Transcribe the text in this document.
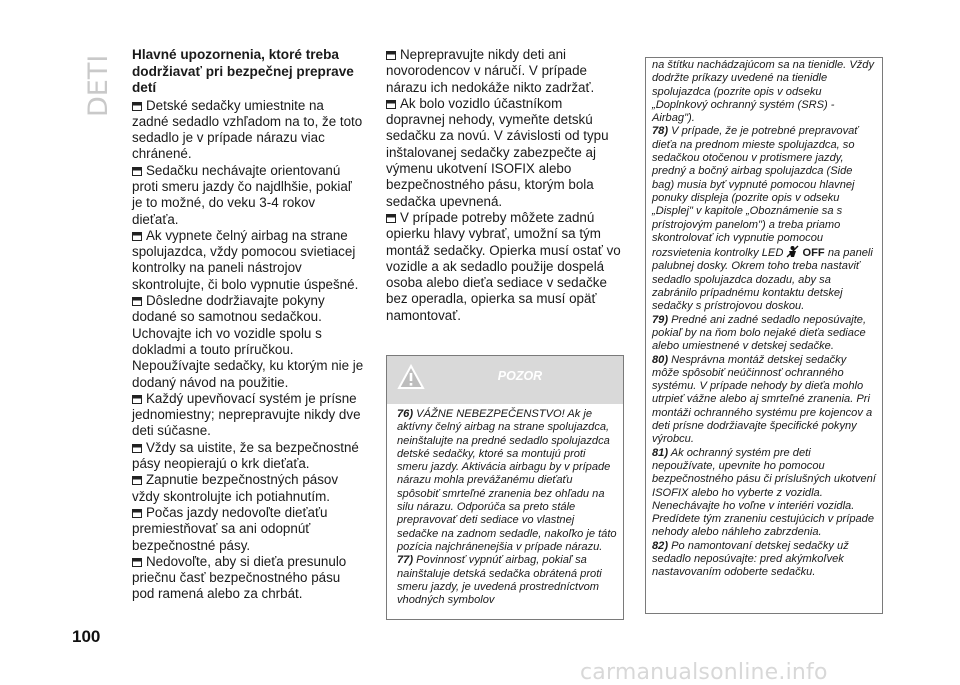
DETI

Hlavné upozornenia, ktoré treba dodržiavať pri bezpečnej preprave detí

Detské sedačky umiestnite na zadné sedadlo vzhľadom na to, že toto sedadlo je v prípade nárazu viac chránené.

Sedačku nechávajte orientovanú proti smeru jazdy čo najdlhšie, pokiaľ je to možné, do veku 3-4 rokov dieťaťa.

Ak vypnete čelný airbag na strane spolujazdca, vždy pomocou svietiacej kontrolky na paneli nástrojov skontrolujte, či bolo vypnutie úspešné.

Dôsledne dodržiavajte pokyny dodané so samotnou sedačkou. Uchovajte ich vo vozidle spolu s dokladmi a touto príručkou. Nepoužívajte sedačky, ku ktorým nie je dodaný návod na použitie.

Každý upevňovací systém je prísne jednomiestny; neprepravujte nikdy dve deti súčasne.

Vždy sa uistite, že sa bezpečnostné pásy neopierajú o krk dieťaťa.

Zapnutie bezpečnostných pásov vždy skontrolujte ich potiahnutím.

Počas jazdy nedovoľte dieťaťu premiestňovať sa ani odopnúť bezpečnostné pásy.

Nedovoľte, aby si dieťa presunulo priečnu časť bezpečnostného pásu pod ramená alebo za chrbát.

Neprepravujte nikdy deti ani novorodencov v náručí. V prípade nárazu ich nedokáže nikto zadržať.

Ak bolo vozidlo účastníkom dopravnej nehody, vymeňte detskú sedačku za novú. V závislosti od typu inštalovanej sedačky zabezpečte aj výmenu ukotvení ISOFIX alebo bezpečnostného pásu, ktorým bola sedačka upevnená.

V prípade potreby môžete zadnú opierku hlavy vybrať, umožní sa tým montáž sedačky. Opierka musí ostať vo vozidle a ak sedadlo použije dospelá osoba alebo dieťa sediace v sedačke bez operadla, opierka sa musí opäť namontovať.

POZOR

76) VÁŽNE NEBEZPEČENSTVO! Ak je aktívny čelný airbag na strane spolujazdca, neinštalujte na predné sedadlo spolujazdca detské sedačky, ktoré sa montujú proti smeru jazdy. Aktivácia airbagu by v prípade nárazu mohla prevážanému dieťaťu spôsobiť smrteľné zranenia bez ohľadu na silu nárazu. Odporúča sa preto stále prepravovať deti sediace vo vlastnej sedačke na zadnom sedadle, nakoľko je táto pozícia najchránenejšia v prípade nárazu.

77) Povinnosť vypnúť airbag, pokiaľ sa nainštaluje detská sedačka obrátená proti smeru jazdy, je uvedená prostredníctvom vhodných symbolov

na štítku nachádzajúcom sa na tienidle. Vždy dodržte príkazy uvedené na tienidle spolujazdca (pozrite opis v odseku „Doplnkový ochranný systém (SRS) - Airbag").

78) V prípade, že je potrebné prepravovať dieťa na prednom mieste spolujazdca, so sedačkou otočenou v protismere jazdy, predný a bočný airbag spolujazdca (Side bag) musia byť vypnuté pomocou hlavnej ponuky displeja (pozrite opis v odseku „Displej" v kapitole „Oboznámenie sa s prístrojovým panelom") a treba priamo skontrolovať ich vypnutie pomocou rozsvietenia kontrolky LED OFF na paneli palubnej dosky. Okrem toho treba nastaviť sedadlo spolujazdca dozadu, aby sa zabránilo prípadnému kontaktu detskej sedačky s prístrojovou doskou.

79) Predné ani zadné sedadlo neposúvajte, pokiaľ by na ňom bolo nejaké dieťa sediace alebo umiestnené v detskej sedačke.

80) Nesprávna montáž detskej sedačky môže spôsobiť neúčinnosť ochranného systému. V prípade nehody by dieťa mohlo utrpieť vážne alebo aj smrteľné zranenia. Pri montáži ochranného systému pre kojencov a deti prísne dodržiavajte špecifické pokyny výrobcu.

81) Ak ochranný systém pre deti nepoužívate, upevnite ho pomocou bezpečnostného pásu či príslušných ukotvení ISOFIX alebo ho vyberte z vozidla. Nenechávajte ho voľne v interiéri vozidla. Predídete tým zraneniu cestujúcich v prípade nehody alebo náhleho zabrzdenia.

82) Po namontovaní detskej sedačky už sedadlo neposúvajte: pred akýmkoľvek nastavovaním odoberte sedačku.

100
carmanualsonline.info
